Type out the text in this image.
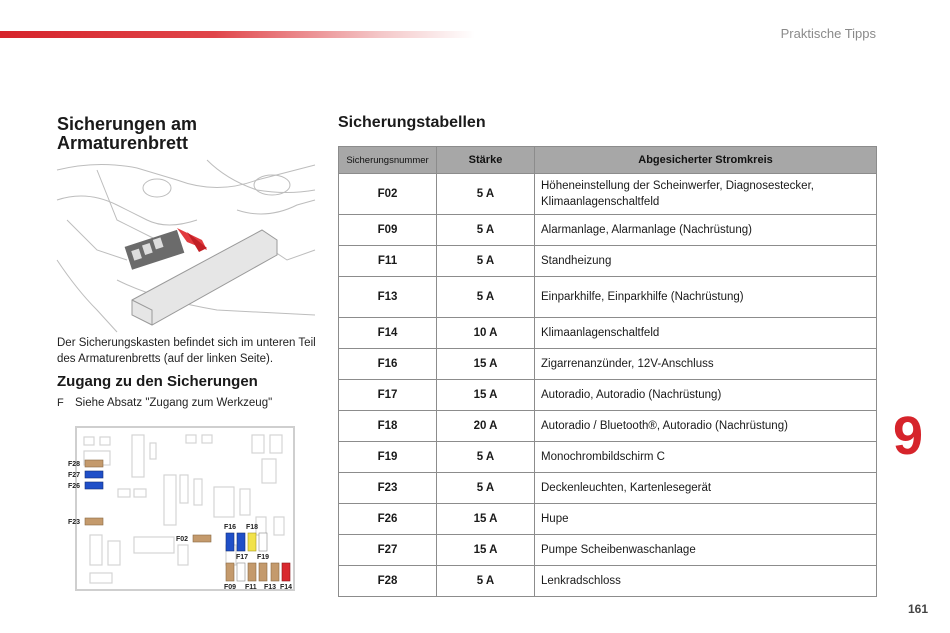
Praktische Tipps
Sicherungen am Armaturenbrett
Der Sicherungskasten befindet sich im unteren Teil des Armaturenbretts (auf der linken Seite).
Zugang zu den Sicherungen
F Siehe Absatz "Zugang zum Werkzeug"
F28
F27
F26
F23
F02
F16 F18
F17 F19
F09 F11 F13 F14
Sicherungstabellen
Sicherungsnummer	Stärke	Abgesicherter Stromkreis
F02	5 A	Höheneinstellung der Scheinwerfer, Diagnosestecker, Klimaanlagenschaltfeld
F09	5 A	Alarmanlage, Alarmanlage (Nachrüstung)
F11	5 A	Standheizung
F13	5 A	Einparkhilfe, Einparkhilfe (Nachrüstung)
F14	10 A	Klimaanlagenschaltfeld
F16	15 A	Zigarrenanzünder, 12V-Anschluss
F17	15 A	Autoradio, Autoradio (Nachrüstung)
F18	20 A	Autoradio / Bluetooth®, Autoradio (Nachrüstung)
F19	5 A	Monochrombildschirm C
F23	5 A	Deckenleuchten, Kartenlesegerät
F26	15 A	Hupe
F27	15 A	Pumpe Scheibenwaschanlage
F28	5 A	Lenkradschloss
9
161
